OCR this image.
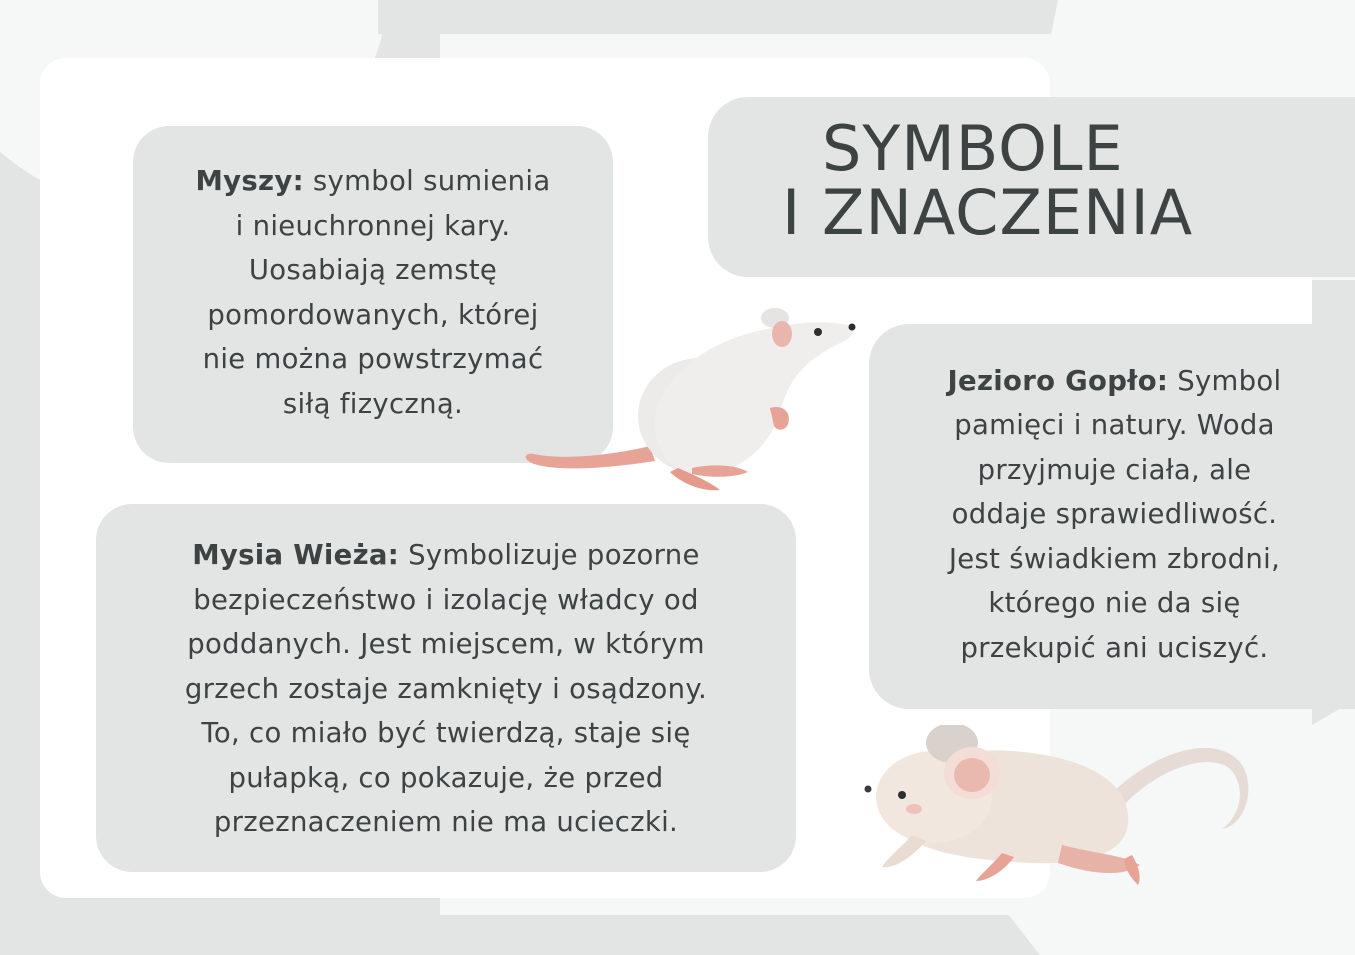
SYMBOLE
I ZNACZENIA

Myszy: symbol sumienia
i nieuchronnej kary.
Uosabiają zemstę
pomordowanych, której
nie można powstrzymać
siłą fizyczną.

Mysia Wieża: Symbolizuje pozorne
bezpieczeństwo i izolację władcy od
poddanych. Jest miejscem, w którym
grzech zostaje zamknięty i osądzony.
To, co miało być twierdzą, staje się
pułapką, co pokazuje, że przed
przeznaczeniem nie ma ucieczki.

Jezioro Gopło: Symbol
pamięci i natury. Woda
przyjmuje ciała, ale
oddaje sprawiedliwość.
Jest świadkiem zbrodni,
którego nie da się
przekupić ani uciszyć.
